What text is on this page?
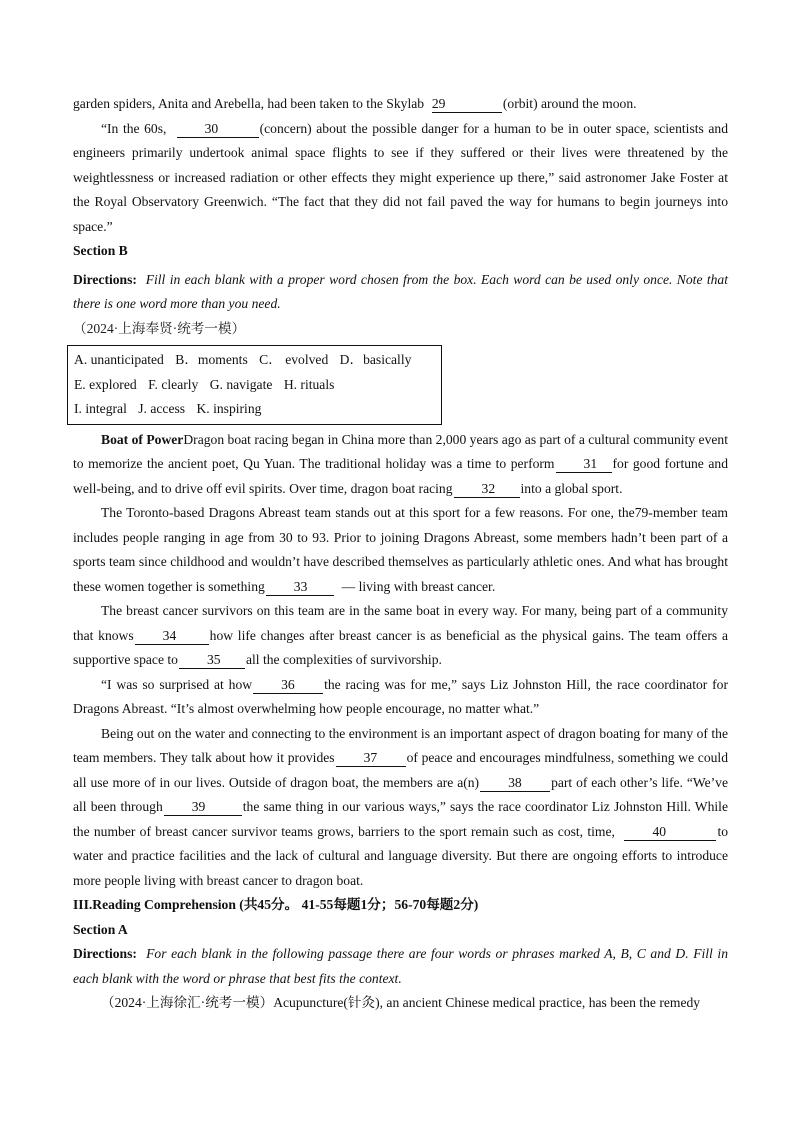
garden spiders, Anita and Arebella, had been taken to the Skylab 29	(orbit) around the moon.

“In the 60s,	30	(concern) about the possible danger for a human to be in outer space, scientists and engineers primarily undertook animal space flights to see if they suffered or their lives were threatened by the weightlessness or increased radiation or other effects they might experience up there,” said astronomer Jake Foster at the Royal Observatory Greenwich. “The fact that they did not fail paved the way for humans to begin journeys into space.”

Section B

Directions: Fill in each blank with a proper word chosen from the box. Each word can be used only once. Note that there is one word more than you need.

（2024·上海奉贤·统考一模）

A. unanticipated B．moments C． evolved D．basically
E. explored F. clearly G. navigate H. rituals
I. integral J. access K. inspiring

Boat of PowerDragon boat racing began in China more than 2,000 years ago as part of a cultural community event to memorize the ancient poet, Qu Yuan. The traditional holiday was a time to perform 31 for good fortune and well-being, and to drive off evil spirits. Over time, dragon boat racing 32 into a global sport.

The Toronto-based Dragons Abreast team stands out at this sport for a few reasons. For one, the79-member team includes people ranging in age from 30 to 93. Prior to joining Dragons Abreast, some members hadn’t been part of a sports team since childhood and wouldn’t have described themselves as particularly athletic ones. And what has brought these women together is something 33	— living with breast cancer.

The breast cancer survivors on this team are in the same boat in every way. For many, being part of a community that knows 34 how life changes after breast cancer is as beneficial as the physical gains. The team offers a supportive space to 35 all the complexities of survivorship.

“I was so surprised at how 36 the racing was for me,” says Liz Johnston Hill, the race coordinator for Dragons Abreast. “It’s almost overwhelming how people encourage, no matter what.”

Being out on the water and connecting to the environment is an important aspect of dragon boating for many of the team members. They talk about how it provides 37 of peace and encourages mindfulness, something we could all use more of in our lives. Outside of dragon boat, the members are a(n) 38 part of each other’s life. “We’ve all been through 39	the same thing in our various ways,” says the race coordinator Liz Johnston Hill. While the number of breast cancer survivor teams grows, barriers to the sport remain such as cost, time,	40	to water and practice facilities and the lack of cultural and language diversity. But there are ongoing efforts to introduce more people living with breast cancer to dragon boat.

III.Reading Comprehension (共45分。 41-55每题1分；56-70每题2分)

Section A

Directions: For each blank in the following passage there are four words or phrases marked A, B, C and D. Fill in each blank with the word or phrase that best fits the context.

（2024·上海徐汇·统考一模）Acupuncture(针灸), an ancient Chinese medical practice, has been the remedy
